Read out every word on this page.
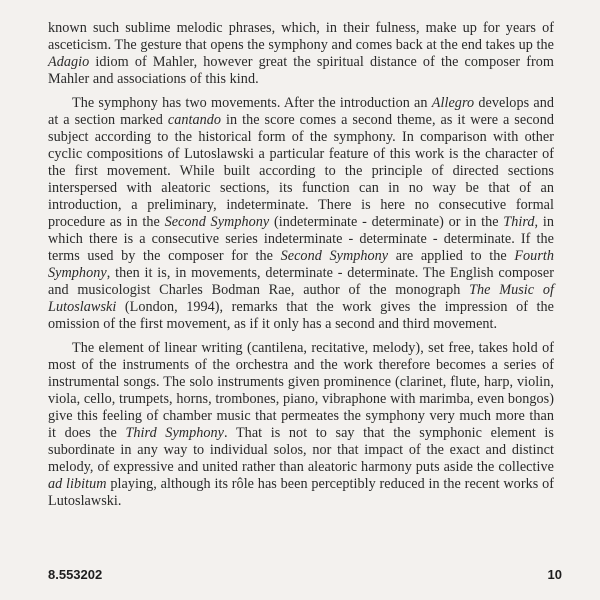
known such sublime melodic phrases, which, in their fulness, make up for years of asceticism. The gesture that opens the symphony and comes back at the end takes up the Adagio idiom of Mahler, however great the spiritual distance of the composer from Mahler and associations of this kind.

The symphony has two movements. After the introduction an Allegro develops and at a section marked cantando in the score comes a second theme, as it were a second subject according to the historical form of the symphony. In comparison with other cyclic compositions of Lutoslawski a particular feature of this work is the character of the first movement. While built according to the principle of directed sections interspersed with aleatoric sections, its function can in no way be that of an introduction, a preliminary, indeterminate. There is here no consecutive formal procedure as in the Second Symphony (indeterminate - determinate) or in the Third, in which there is a consecutive series indeterminate - determinate - determinate. If the terms used by the composer for the Second Symphony are applied to the Fourth Symphony, then it is, in movements, determinate - determinate. The English composer and musicologist Charles Bodman Rae, author of the monograph The Music of Lutoslawski (London, 1994), remarks that the work gives the impression of the omission of the first movement, as if it only has a second and third movement.

The element of linear writing (cantilena, recitative, melody), set free, takes hold of most of the instruments of the orchestra and the work therefore becomes a series of instrumental songs. The solo instruments given prominence (clarinet, flute, harp, violin, viola, cello, trumpets, horns, trombones, piano, vibraphone with marimba, even bongos) give this feeling of chamber music that permeates the symphony very much more than it does the Third Symphony. That is not to say that the symphonic element is subordinate in any way to individual solos, nor that impact of the exact and distinct melody, of expressive and united rather than aleatoric harmony puts aside the collective ad libitum playing, although its rôle has been perceptibly reduced in the recent works of Lutoslawski.

8.553202	10
